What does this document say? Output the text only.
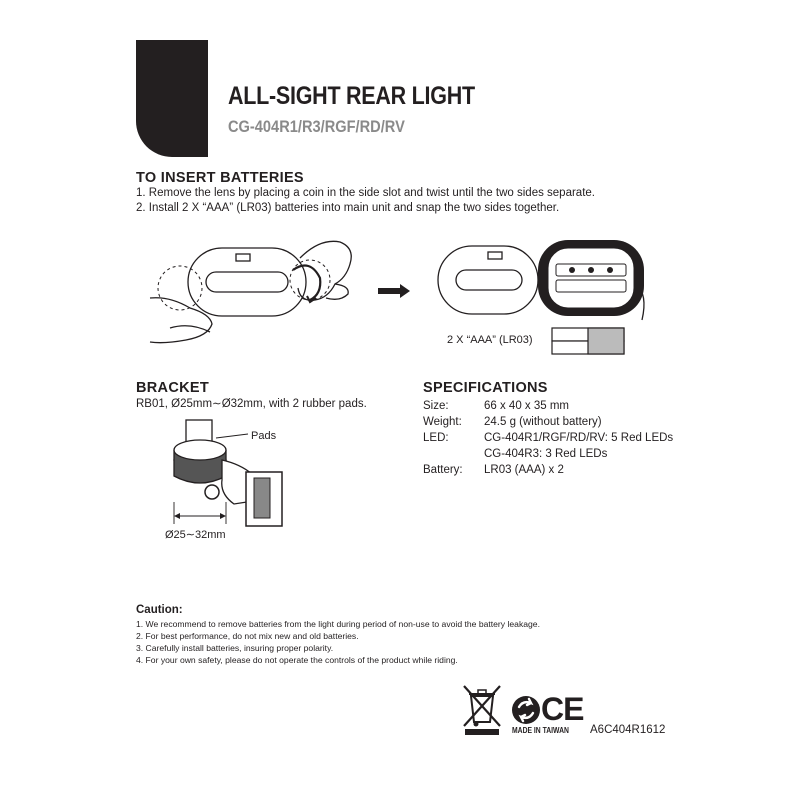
ALL-SIGHT REAR LIGHT
CG-404R1/R3/RGF/RD/RV
TO INSERT BATTERIES
1. Remove the lens by placing a coin in the side slot and twist until the two sides separate.
2. Install 2 X “AAA” (LR03) batteries into main unit and snap the two sides together.
2 X “AAA” (LR03)
BRACKET
RB01, Ø25mm∼Ø32mm, with 2 rubber pads.
Pads
Ø25∼32mm
SPECIFICATIONS
Size:	66 x 40 x 35 mm
Weight: 24.5 g (without battery)
LED:	CG-404R1/RGF/RD/RV: 5 Red LEDs
CG-404R3: 3 Red LEDs
Battery: LR03 (AAA) x 2
Caution:
1. We recommend to remove batteries from the light during period of non-use to avoid the battery leakage.
2. For best performance, do not mix new and old batteries.
3. Carefully install batteries, insuring proper polarity.
4. For your own safety, please do not operate the controls of the product while riding.
CE
MADE IN TAIWAN A6C404R1612
